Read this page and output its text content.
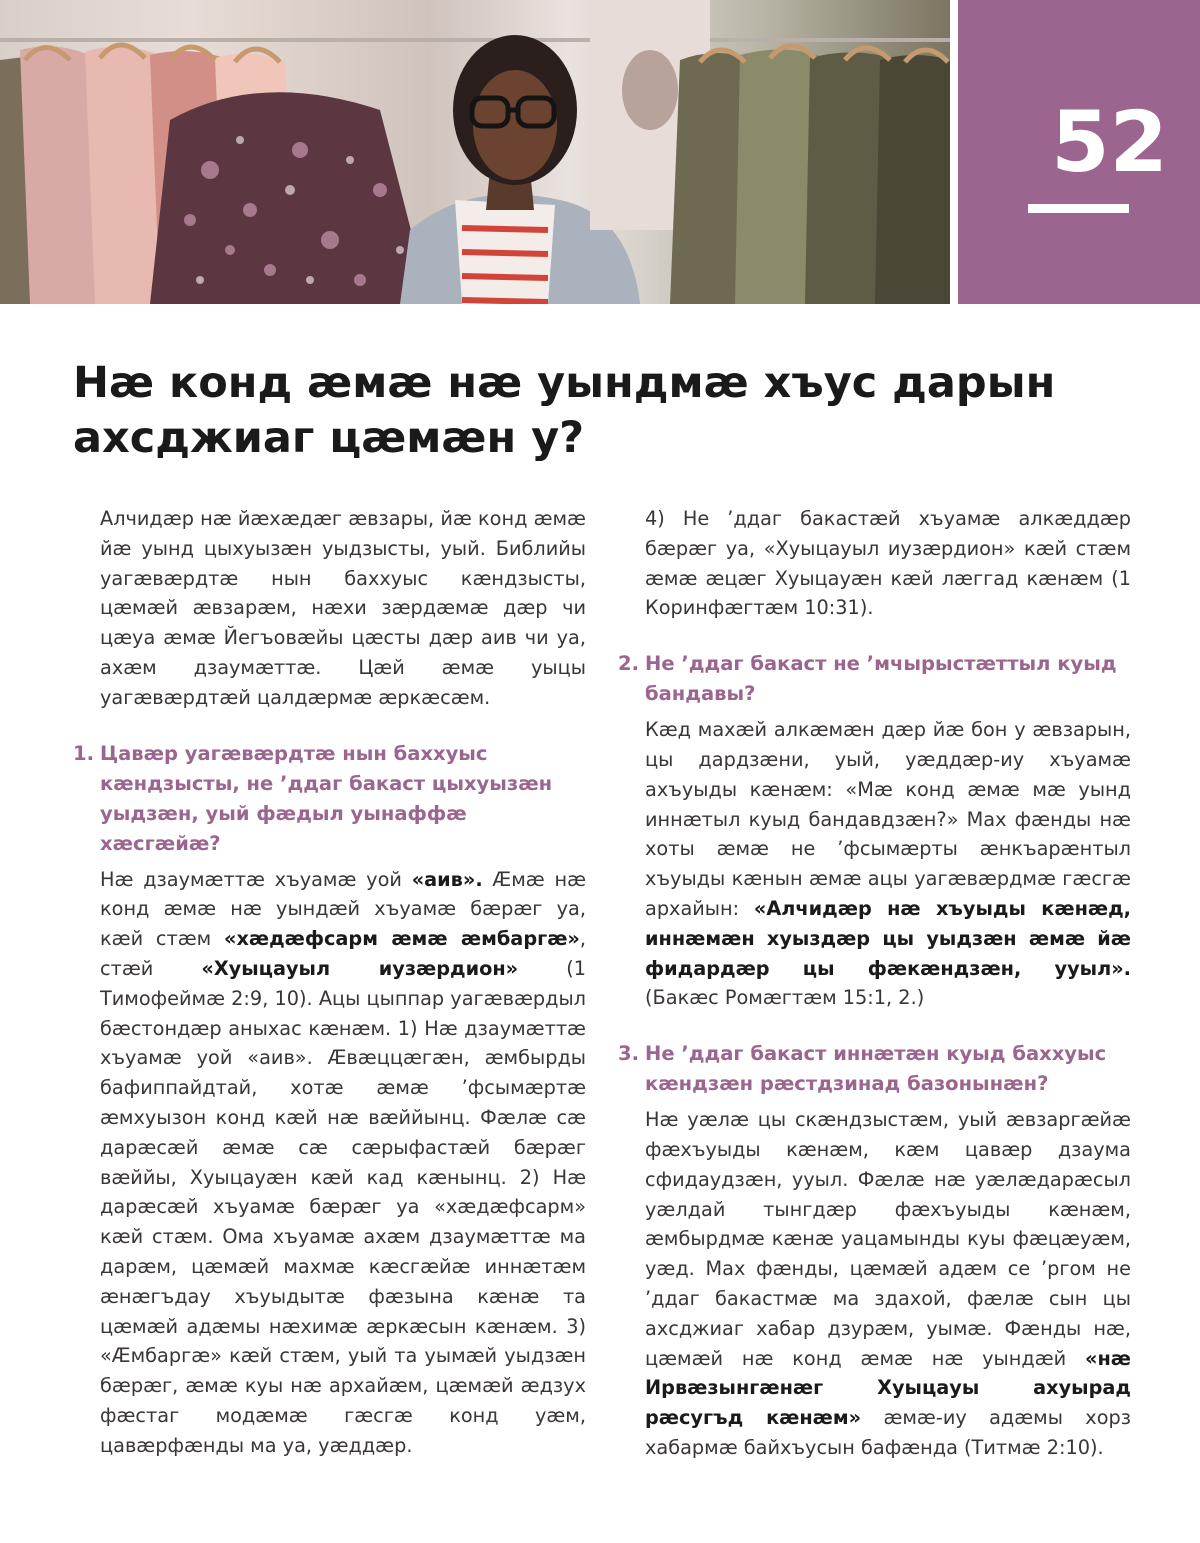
52
Нæ конд æмæ нæ уындмæ хъус дарын ахсджиаг цæмæн у?

Алчидæр нæ йæхæдæг æвзары, йæ конд æмæ йæ уынд цыхуызæн уыдзысты, уый. Библийы уагæвæрдтæ нын баххуыс кæндзысты, цæмæй æвзарæм, нæхи зæрдæмæ дæр чи цæуа æмæ Йегъовæйы цæсты дæр аив чи уа, ахæм дзаумæттæ. Цæй æмæ уыцы уагæвæрдтæй цалдæрмæ æркæсæм.

1. Цавæр уагæвæрдтæ нын баххуыс кæндзысты, не ’ддаг бакаст цыхуызæн уыдзæн, уый фæдыл уынаффæ хæсгæйæ?

Нæ дзаумæттæ хъуамæ уой «аив». Æмæ нæ конд æмæ нæ уындæй хъуамæ бæрæг уа, кæй стæм «хæдæфсарм æмæ æмбаргæ», стæй «Хуыцауыл иузæрдион» (1 Тимофеймæ 2:9, 10). Ацы цыппар уагæвæрдыл бæстондæр аныхас кæнæм. 1) Нæ дзаумæттæ хъуамæ уой «аив». Æвæццæгæн, æмбырды бафиппайдтай, хотæ æмæ ’фсымæртæ æмхуызон конд кæй нæ вæййынц. Фæлæ сæ дарæсæй æмæ сæ сæрыфастæй бæрæг вæййы, Хуыцауæн кæй кад кæнынц. 2) Нæ дарæсæй хъуамæ бæрæг уа «хæдæфсарм» кæй стæм. Ома хъуамæ ахæм дзаумæттæ ма дарæм, цæмæй махмæ кæсгæйæ иннæтæм æнæгъдау хъуыдытæ фæзына кæнæ та цæмæй адæмы нæхимæ æркæсын кæнæм. 3) «Æмбаргæ» кæй стæм, уый та уымæй уыдзæн бæрæг, æмæ куы нæ архайæм, цæмæй æдзух фæстаг модæмæ гæсгæ конд уæм, цавæрфæнды ма уа, уæддæр.

4) Не ’ддаг бакастæй хъуамæ алкæддæр бæрæг уа, «Хуыцауыл иузæрдион» кæй стæм æмæ æцæг Хуыцауæн кæй лæггад кæнæм (1 Коринфæгтæм 10:31).

2. Не ’ддаг бакаст не ’мчырыстæттыл куыд бандавы?

Кæд махæй алкæмæн дæр йæ бон у æвзарын, цы дардзæни, уый, уæддæр-иу хъуамæ ахъуыды кæнæм: «Мæ конд æмæ мæ уынд иннæтыл куыд бандавдзæн?» Мах фæнды нæ хоты æмæ не ’фсымæрты æнкъарæнтыл хъуыды кæнын æмæ ацы уагæвæрдмæ гæсгæ архайын: «Алчидæр нæ хъуыды кæнæд, иннæмæн хуыздæр цы уыдзæн æмæ йæ фидардæр цы фæкæндзæн, ууыл». (Бакæс Ромæгтæм 15:1, 2.)

3. Не ’ддаг бакаст иннæтæн куыд баххуыс кæндзæн рæстдзинад базонынæн?

Нæ уæлæ цы скæндзыстæм, уый æвзаргæйæ фæхъуыды кæнæм, кæм цавæр дзаума сфидаудзæн, ууыл. Фæлæ нæ уæлæдарæсыл уæлдай тынгдæр фæхъуыды кæнæм, æмбырдмæ кæнæ уацамынды куы фæцæуæм, уæд. Мах фæнды, цæмæй адæм се ’ргом не ’ддаг бакастмæ ма здахой, фæлæ сын цы ахсджиаг хабар дзурæм, уымæ. Фæнды нæ, цæмæй нæ конд æмæ нæ уындæй «нæ Ирвæзынгæнæг Хуыцауы ахуырад рæсугъд кæнæм» æмæ-иу адæмы хорз хабармæ байхъусын бафæнда (Титмæ 2:10).
